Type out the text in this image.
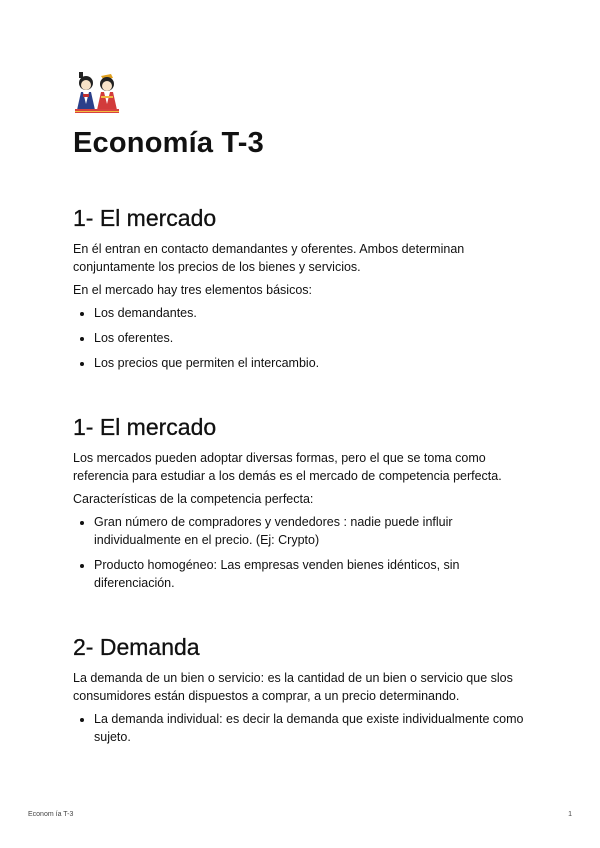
Economía T-3
1- El mercado

En él entran en contacto demandantes y oferentes. Ambos determinan conjuntamente los precios de los bienes y servicios.

En el mercado hay tres elementos básicos:

• Los demandantes.
• Los oferentes.
• Los precios que permiten el intercambio.
1- El mercado

Los mercados pueden adoptar diversas formas, pero el que se toma como referencia para estudiar a los demás es el mercado de competencia perfecta.

Características de la competencia perfecta:

• Gran número de compradores y vendedores : nadie puede influir individualmente en el precio. (Ej: Crypto)
• Producto homogéneo: Las empresas venden bienes idénticos, sin diferenciación.
2- Demanda

La demanda de un bien o servicio: es la cantidad de un bien o servicio que slos consumidores están dispuestos a comprar, a un precio determinando.

• La demanda individual: es decir la demanda que existe individualmente como sujeto.
Econom ía T-3	1
